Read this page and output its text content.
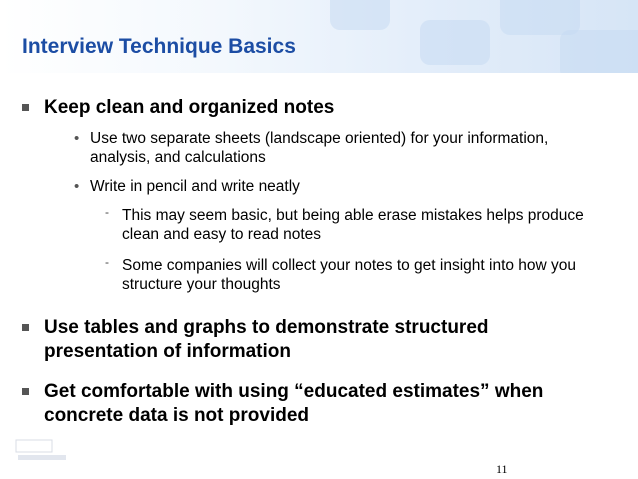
Interview Technique Basics
Keep clean and organized notes
• Use two separate sheets (landscape oriented) for your information, analysis, and calculations
• Write in pencil and write neatly
- This may seem basic, but being able erase mistakes helps produce clean and easy to read notes
- Some companies will collect your notes to get insight into how you structure your thoughts
Use tables and graphs to demonstrate structured presentation of information
Get comfortable with using “educated estimates” when concrete data is not provided
11
